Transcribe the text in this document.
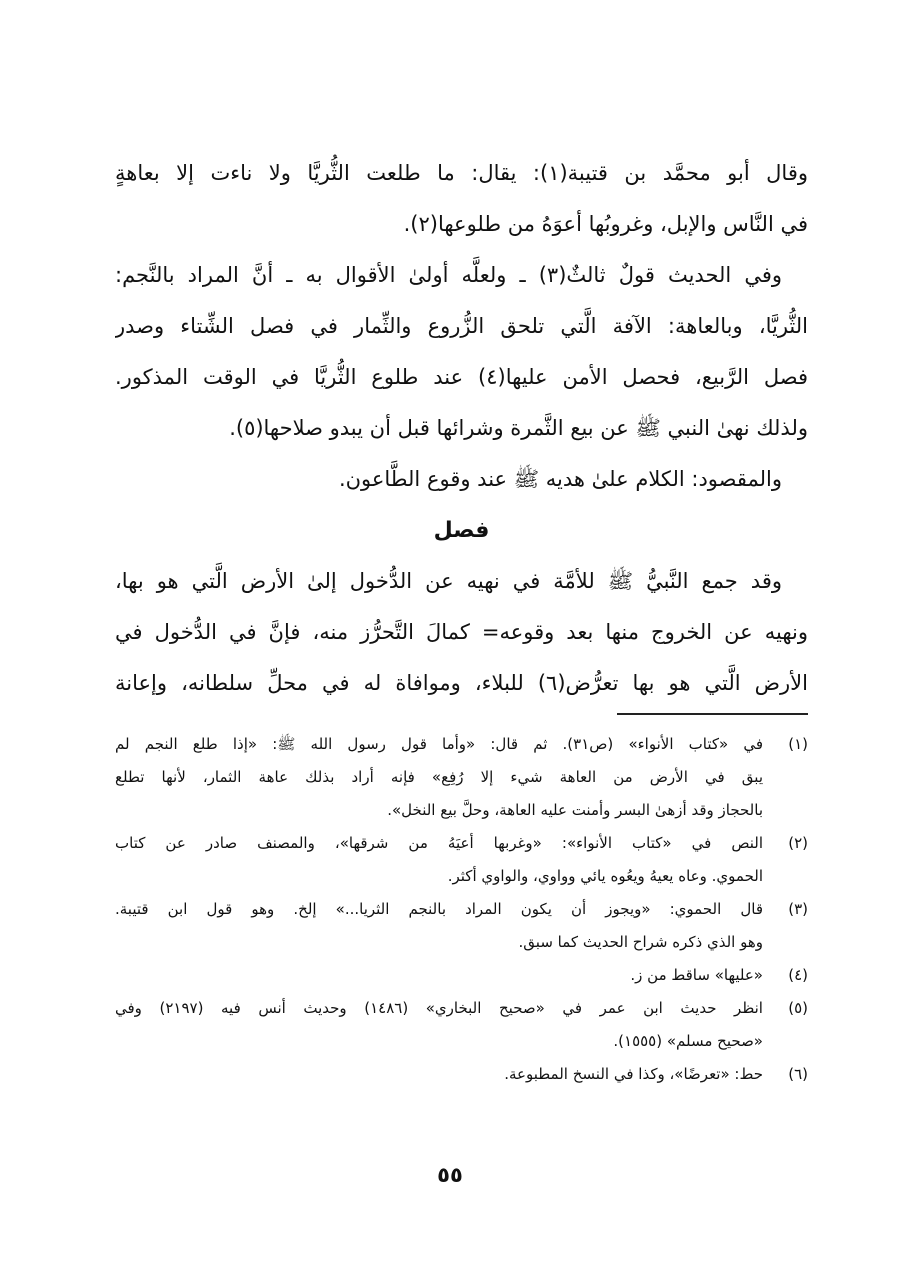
وقال أبو محمَّد بن قتيبة(١): يقال: ما طلعت الثُّريَّا ولا ناءت إلا بعاهةٍ
في النَّاس والإبل، وغروبُها أعوَهُ من طلوعها(٢).
وفي الحديث قولٌ ثالثٌ(٣) ـ ولعلَّه أولىٰ الأقوال به ـ أنَّ المراد بالنَّجم:
الثُّريَّا، وبالعاهة: الآفة الَّتي تلحق الزُّروع والثِّمار في فصل الشِّتاء وصدر
فصل الرَّبيع، فحصل الأمن عليها(٤) عند طلوع الثُّريَّا في الوقت المذكور.
ولذلك نهىٰ النبي ﷺ عن بيع الثَّمرة وشرائها قبل أن يبدو صلاحها(٥).
والمقصود: الكلام علىٰ هديه ﷺ عند وقوع الطَّاعون.
فصل
وقد جمع النَّبيُّ ﷺ للأمَّة في نهيه عن الدُّخول إلىٰ الأرض الَّتي هو بها،
ونهيه عن الخروج منها بعد وقوعه= كمالَ التَّحرُّز منه، فإنَّ في الدُّخول في
الأرض الَّتي هو بها تعرُّض(٦) للبلاء، وموافاة له في محلِّ سلطانه، وإعانة
(١)
في «كتاب الأنواء» (ص٣١). ثم قال: «وأما قول رسول الله ﷺ: «إذا طلع النجم لم
يبق في الأرض من العاهة شيء إلا رُفِع» فإنه أراد بذلك عاهة الثمار، لأنها تطلع
بالحجاز وقد أزهىٰ البسر وأمنت عليه العاهة، وحلَّ بيع النخل».
(٢)
النص في «كتاب الأنواء»: «وغربها أعيَهُ من شرقها»، والمصنف صادر عن كتاب
الحموي. وعاه يعيهُ ويعُوه يائي وواوي، والواوي أكثر.
(٣)
قال الحموي: «ويجوز أن يكون المراد بالنجم الثريا...» إلخ. وهو قول ابن قتيبة.
وهو الذي ذكره شراح الحديث كما سبق.
(٤)
«عليها» ساقط من ز.
(٥)
انظر حديث ابن عمر في «صحيح البخاري» (١٤٨٦) وحديث أنس فيه (٢١٩٧) وفي
«صحيح مسلم» (١٥٥٥).
(٦)
حط: «تعرضًا»، وكذا في النسخ المطبوعة.
٥٥
